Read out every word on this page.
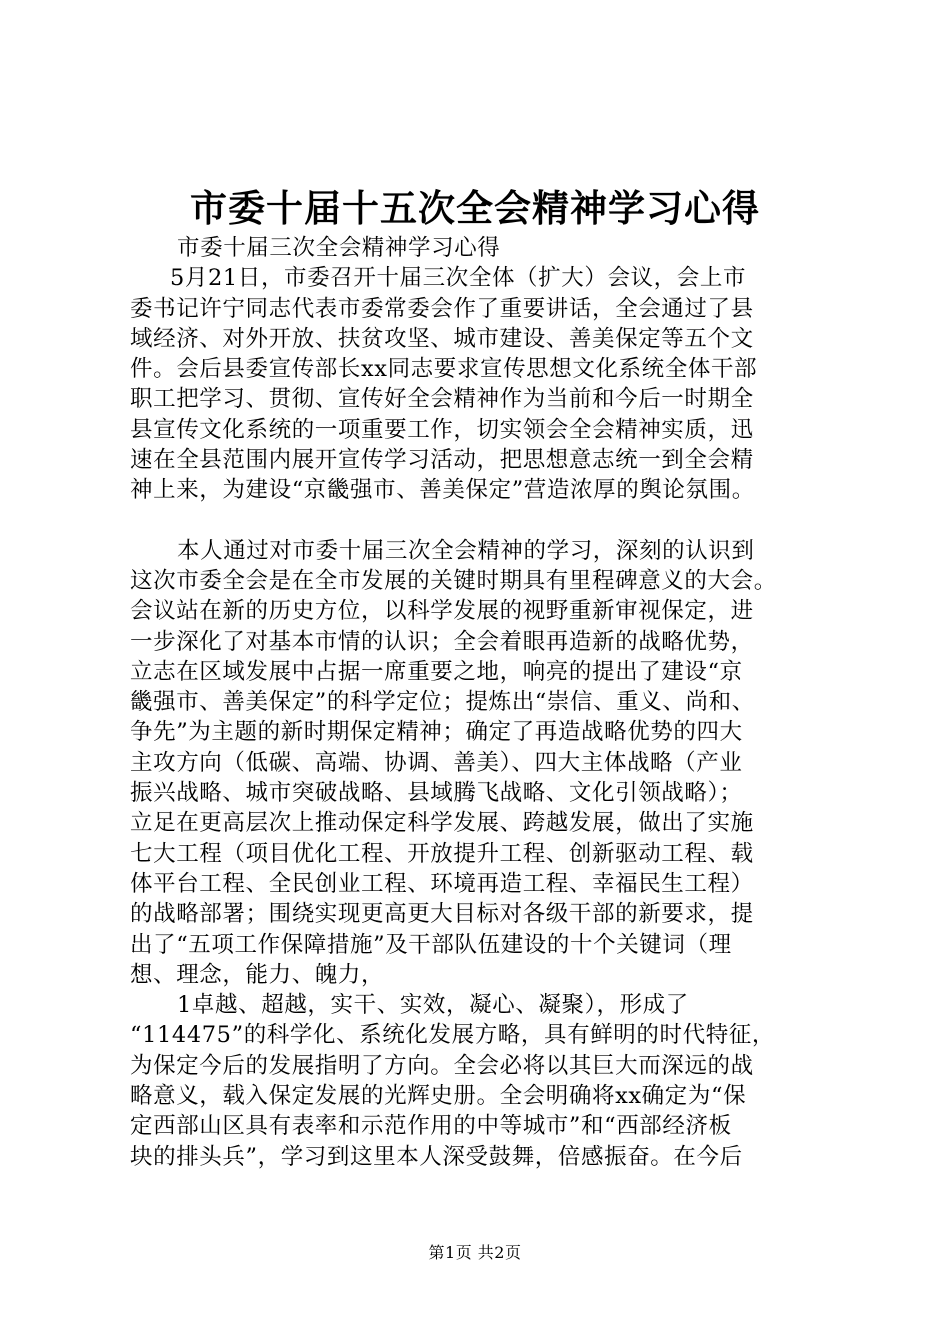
市委十届十五次全会精神学习心得
市委十届三次全会精神学习心得
5月21日，市委召开十届三次全体（扩大）会议，会上市
委书记许宁同志代表市委常委会作了重要讲话，全会通过了县
域经济、对外开放、扶贫攻坚、城市建设、善美保定等五个文
件。会后县委宣传部长xx同志要求宣传思想文化系统全体干部
职工把学习、贯彻、宣传好全会精神作为当前和今后一时期全
县宣传文化系统的一项重要工作，切实领会全会精神实质，迅
速在全县范围内展开宣传学习活动，把思想意志统一到全会精
神上来，为建设“京畿强市、善美保定”营造浓厚的舆论氛围。
本人通过对市委十届三次全会精神的学习，深刻的认识到
这次市委全会是在全市发展的关键时期具有里程碑意义的大会。
会议站在新的历史方位，以科学发展的视野重新审视保定，进
一步深化了对基本市情的认识；全会着眼再造新的战略优势，
立志在区域发展中占据一席重要之地，响亮的提出了建设“京
畿强市、善美保定”的科学定位；提炼出“崇信、重义、尚和、
争先”为主题的新时期保定精神；确定了再造战略优势的四大
主攻方向（低碳、高端、协调、善美）、四大主体战略（产业
振兴战略、城市突破战略、县域腾飞战略、文化引领战略）；
立足在更高层次上推动保定科学发展、跨越发展，做出了实施
七大工程（项目优化工程、开放提升工程、创新驱动工程、载
体平台工程、全民创业工程、环境再造工程、幸福民生工程）
的战略部署；围绕实现更高更大目标对各级干部的新要求，提
出了“五项工作保障措施”及干部队伍建设的十个关键词（理
想、理念，能力、魄力，
1卓越、超越，实干、实效，凝心、凝聚），形成了
“114475”的科学化、系统化发展方略，具有鲜明的时代特征，
为保定今后的发展指明了方向。全会必将以其巨大而深远的战
略意义，载入保定发展的光辉史册。全会明确将xx确定为“保
定西部山区具有表率和示范作用的中等城市”和“西部经济板
块的排头兵”，学习到这里本人深受鼓舞，倍感振奋。在今后
第1页 共2页
